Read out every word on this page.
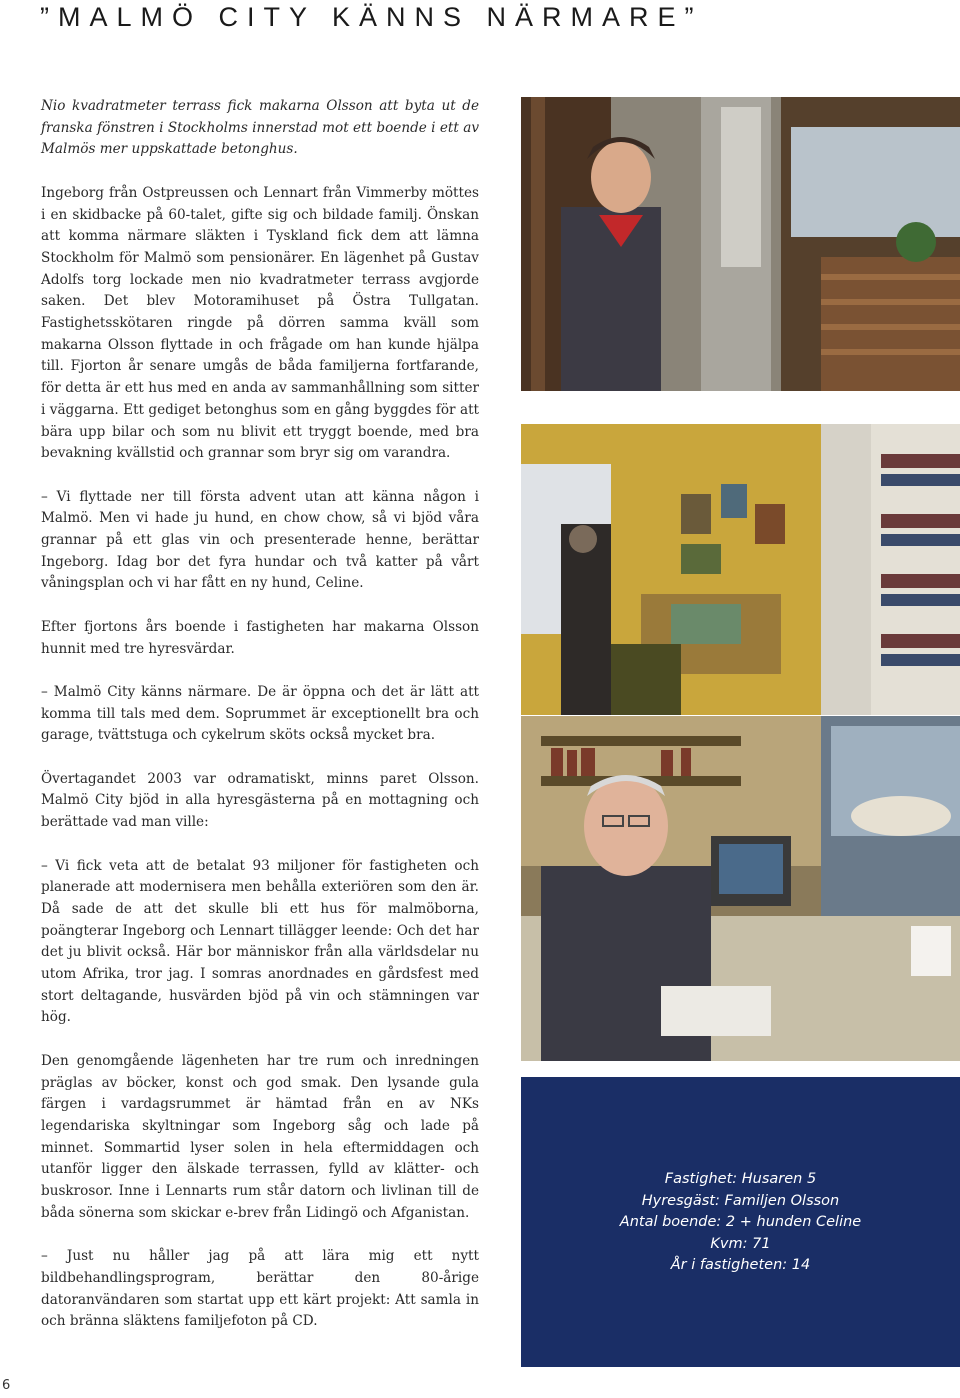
”MALMÖ CITY KÄNNS NÄRMARE”

Nio kvadratmeter terrass fick makarna Olsson att byta ut de franska fönstren i Stockholms innerstad mot ett boende i ett av Malmös mer uppskattade betonghus.

Ingeborg från Ostpreussen och Lennart från Vimmerby möttes i en skidbacke på 60-talet, gifte sig och bildade familj. Önskan att komma närmare släkten i Tyskland fick dem att lämna Stockholm för Malmö som pensionärer. En lägenhet på Gustav Adolfs torg lockade men nio kvadratmeter terrass avgjorde saken. Det blev Motoramihuset på Östra Tullgatan. Fastighetsskötaren ringde på dörren samma kväll som makarna Olsson flyttade in och frågade om han kunde hjälpa till. Fjorton år senare umgås de båda familjerna fortfarande, för detta är ett hus med en anda av sammanhållning som sitter i väggarna. Ett gediget betonghus som en gång byggdes för att bära upp bilar och som nu blivit ett tryggt boende, med bra bevakning kvällstid och grannar som bryr sig om varandra.

– Vi flyttade ner till första advent utan att känna någon i Malmö. Men vi hade ju hund, en chow chow, så vi bjöd våra grannar på ett glas vin och presenterade henne, berättar Ingeborg. Idag bor det fyra hundar och två katter på vårt våningsplan och vi har fått en ny hund, Celine.

Efter fjortons års boende i fastigheten har makarna Olsson hunnit med tre hyresvärdar.

– Malmö City känns närmare. De är öppna och det är lätt att komma till tals med dem. Soprummet är exceptionellt bra och garage, tvättstuga och cykelrum sköts också mycket bra.

Övertagandet 2003 var odramatiskt, minns paret Olsson. Malmö City bjöd in alla hyresgästerna på en mottagning och berättade vad man ville:

– Vi fick veta att de betalat 93 miljoner för fastigheten och planerade att modernisera men behålla exteriören som den är. Då sade de att det skulle bli ett hus för malmöborna, poängterar Ingeborg och Lennart tillägger leende: Och det har det ju blivit också. Här bor människor från alla världsdelar nu utom Afrika, tror jag. I somras anordnades en gårdsfest med stort deltagande, husvärden bjöd på vin och stämningen var hög.

Den genomgående lägenheten har tre rum och inredningen präglas av böcker, konst och god smak. Den lysande gula färgen i vardagsrummet är hämtad från en av NKs legendariska skyltningar som Ingeborg såg och lade på minnet. Sommartid lyser solen in hela eftermiddagen och utanför ligger den älskade terrassen, fylld av klätter- och buskrosor. Inne i Lennarts rum står datorn och livlinan till de båda sönerna som skickar e-brev från Lidingö och Afganistan.

– Just nu håller jag på att lära mig ett nytt bildbehandlingsprogram, berättar den 80-årige datoranvändaren som startat upp ett kärt projekt: Att samla in och bränna släktens familjefoton på CD.

Fastighet: Husaren 5
Hyresgäst: Familjen Olsson
Antal boende: 2 + hunden Celine
Kvm: 71
År i fastigheten: 14
6
